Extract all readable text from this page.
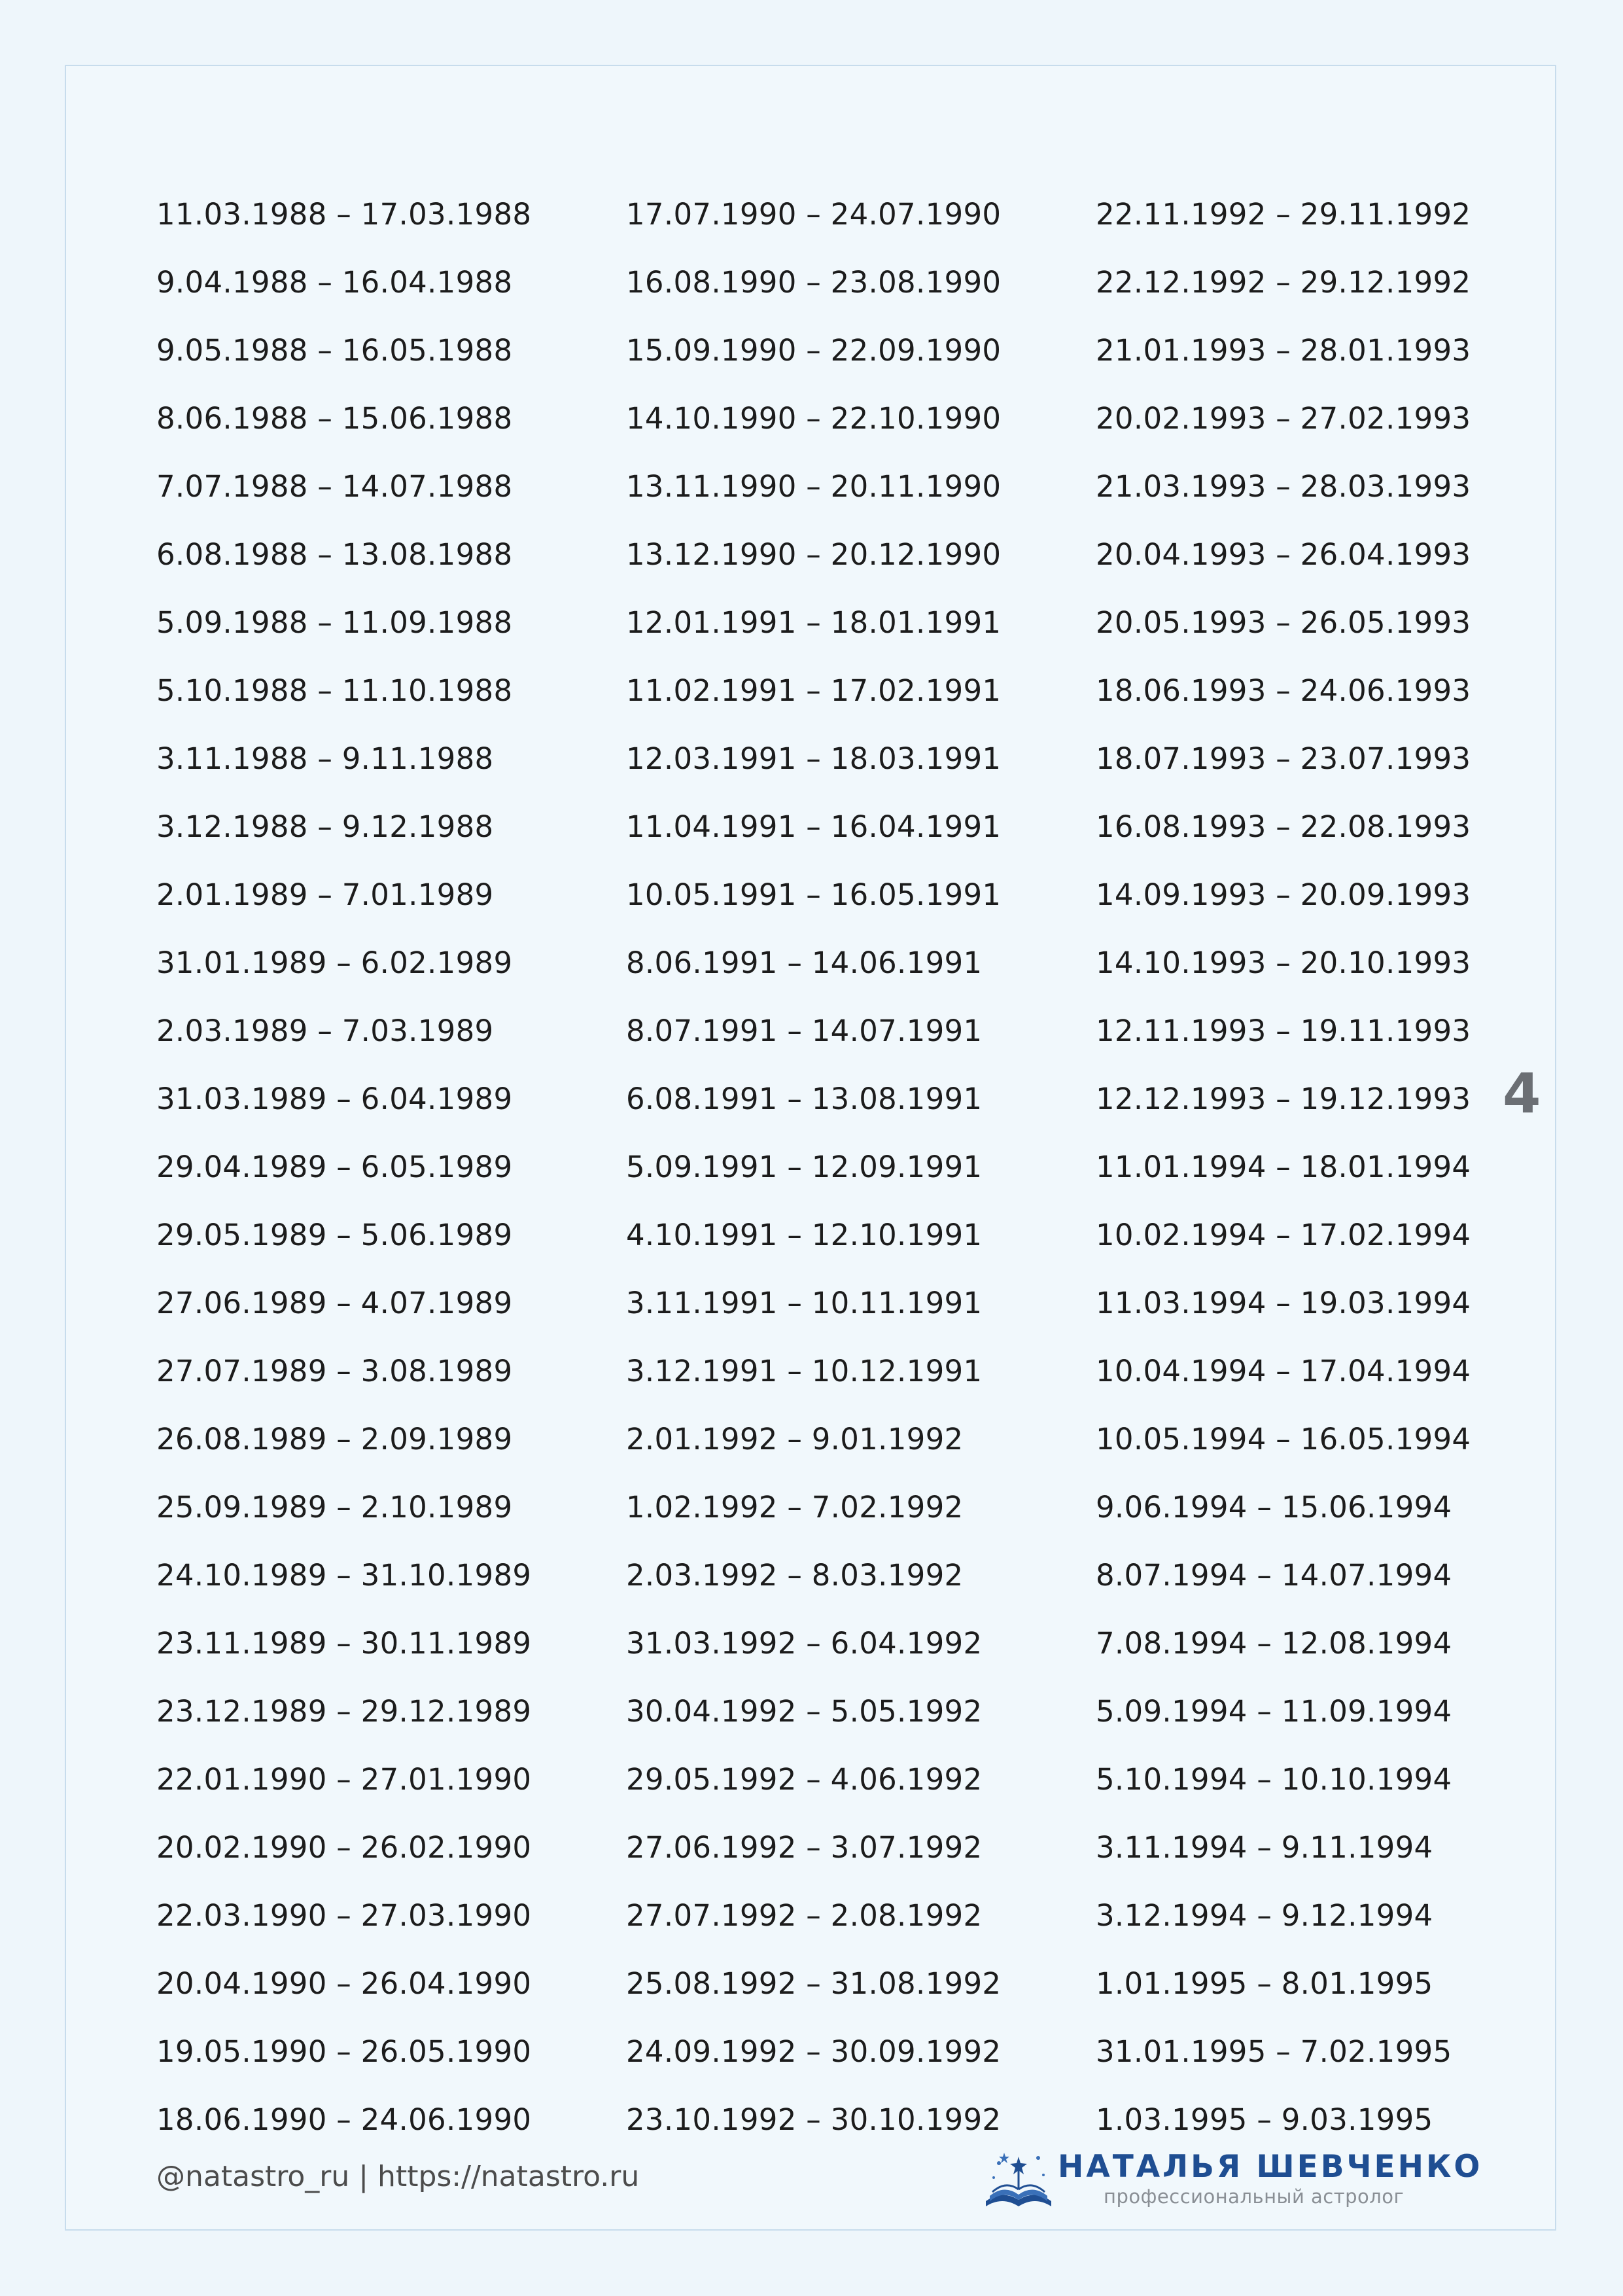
11.03.1988 – 17.03.1988
9.04.1988 – 16.04.1988
9.05.1988 – 16.05.1988
8.06.1988 – 15.06.1988
7.07.1988 – 14.07.1988
6.08.1988 – 13.08.1988
5.09.1988 – 11.09.1988
5.10.1988 – 11.10.1988
3.11.1988 – 9.11.1988
3.12.1988 – 9.12.1988
2.01.1989 – 7.01.1989
31.01.1989 – 6.02.1989
2.03.1989 – 7.03.1989
31.03.1989 – 6.04.1989
29.04.1989 – 6.05.1989
29.05.1989 – 5.06.1989
27.06.1989 – 4.07.1989
27.07.1989 – 3.08.1989
26.08.1989 – 2.09.1989
25.09.1989 – 2.10.1989
24.10.1989 – 31.10.1989
23.11.1989 – 30.11.1989
23.12.1989 – 29.12.1989
22.01.1990 – 27.01.1990
20.02.1990 – 26.02.1990
22.03.1990 – 27.03.1990
20.04.1990 – 26.04.1990
19.05.1990 – 26.05.1990
18.06.1990 – 24.06.1990
17.07.1990 – 24.07.1990
16.08.1990 – 23.08.1990
15.09.1990 – 22.09.1990
14.10.1990 – 22.10.1990
13.11.1990 – 20.11.1990
13.12.1990 – 20.12.1990
12.01.1991 – 18.01.1991
11.02.1991 – 17.02.1991
12.03.1991 – 18.03.1991
11.04.1991 – 16.04.1991
10.05.1991 – 16.05.1991
8.06.1991 – 14.06.1991
8.07.1991 – 14.07.1991
6.08.1991 – 13.08.1991
5.09.1991 – 12.09.1991
4.10.1991 – 12.10.1991
3.11.1991 – 10.11.1991
3.12.1991 – 10.12.1991
2.01.1992 – 9.01.1992
1.02.1992 – 7.02.1992
2.03.1992 – 8.03.1992
31.03.1992 – 6.04.1992
30.04.1992 – 5.05.1992
29.05.1992 – 4.06.1992
27.06.1992 – 3.07.1992
27.07.1992 – 2.08.1992
25.08.1992 – 31.08.1992
24.09.1992 – 30.09.1992
23.10.1992 – 30.10.1992
22.11.1992 – 29.11.1992
22.12.1992 – 29.12.1992
21.01.1993 – 28.01.1993
20.02.1993 – 27.02.1993
21.03.1993 – 28.03.1993
20.04.1993 – 26.04.1993
20.05.1993 – 26.05.1993
18.06.1993 – 24.06.1993
18.07.1993 – 23.07.1993
16.08.1993 – 22.08.1993
14.09.1993 – 20.09.1993
14.10.1993 – 20.10.1993
12.11.1993 – 19.11.1993
12.12.1993 – 19.12.1993
11.01.1994 – 18.01.1994
10.02.1994 – 17.02.1994
11.03.1994 – 19.03.1994
10.04.1994 – 17.04.1994
10.05.1994 – 16.05.1994
9.06.1994 – 15.06.1994
8.07.1994 – 14.07.1994
7.08.1994 – 12.08.1994
5.09.1994 – 11.09.1994
5.10.1994 – 10.10.1994
3.11.1994 – 9.11.1994
3.12.1994 – 9.12.1994
1.01.1995 – 8.01.1995
31.01.1995 – 7.02.1995
1.03.1995 – 9.03.1995
4
@natastro_ru | https://natastro.ru	НАТАЛЬЯ ШЕВЧЕНКО
профессиональный астролог
